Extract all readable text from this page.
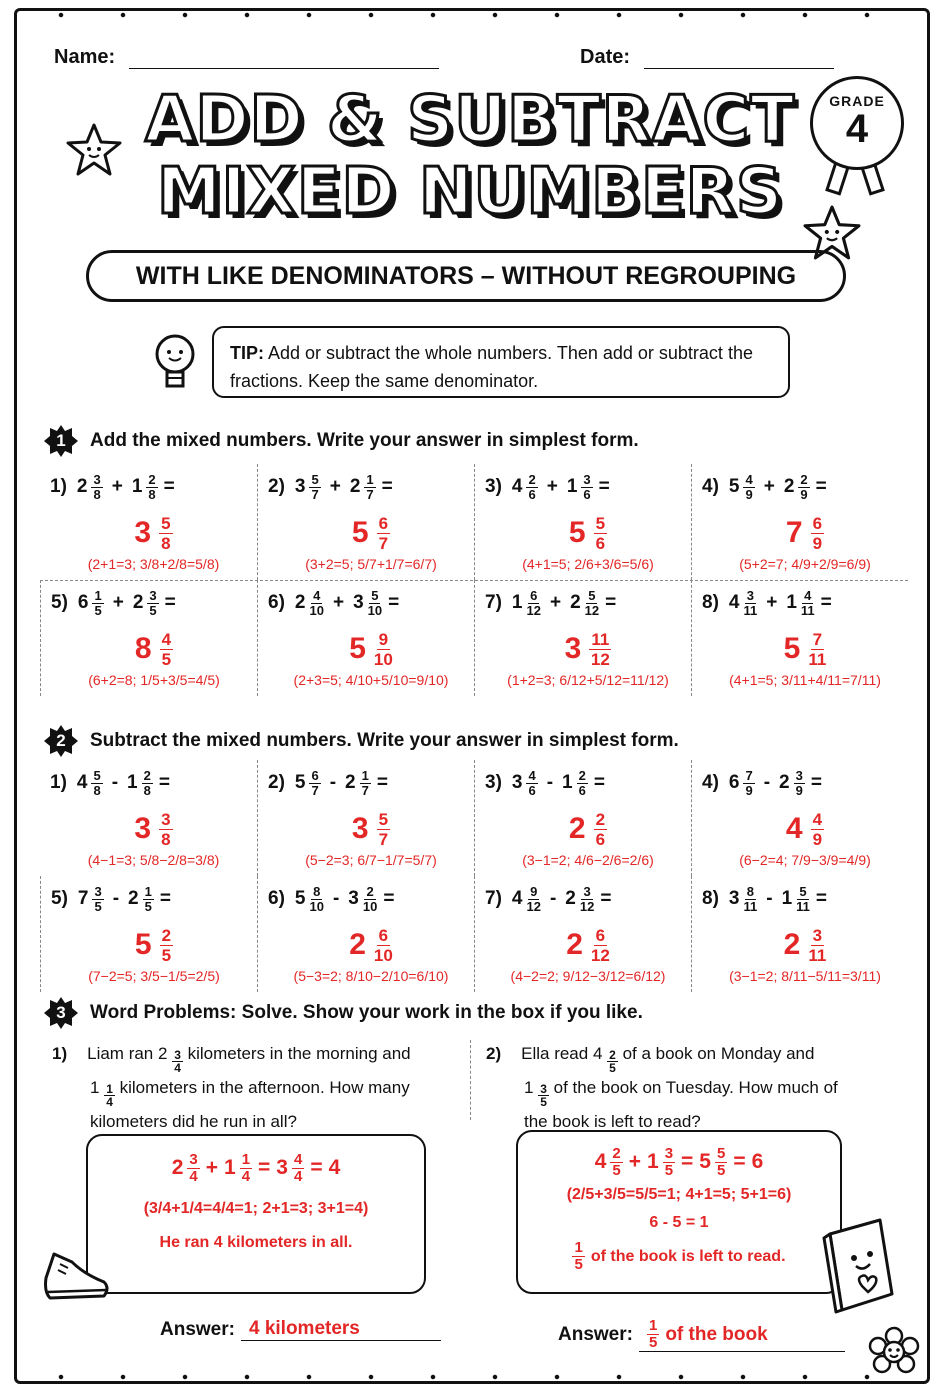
Name:	Date:
ADD & SUBTRACT
MIXED NUMBERS
GRADE
4
WITH LIKE DENOMINATORS – WITHOUT REGROUPING
TIP: Add or subtract the whole numbers. Then add or subtract the fractions. Keep the same denominator.
1	Add the mixed numbers. Write your answer in simplest form.
1) $2 \frac{3}{8} + 1 \frac{2}{8}$ =
$3 \frac{5}{8}$
(2+1=3; 3/8+2/8=5/8)
2) $3 \frac{5}{7} + 2 \frac{1}{7}$ =
$5 \frac{6}{7}$
(3+2=5; 5/7+1/7=6/7)
3) $4 \frac{2}{6} + 1 \frac{3}{6}$ =
$5 \frac{5}{6}$
(4+1=5; 2/6+3/6=5/6)
4) $5 \frac{4}{9} + 2 \frac{2}{9}$ =
$7 \frac{6}{9}$
(5+2=7; 4/9+2/9=6/9)
5) $6 \frac{1}{5} + 2 \frac{3}{5}$ =
$8 \frac{4}{5}$
(6+2=8; 1/5+3/5=4/5)
6) $2 \frac{4}{10} + 3 \frac{5}{10}$ =
$5 \frac{9}{10}$
(2+3=5; 4/10+5/10=9/10)
7) $1 \frac{6}{12} + 2 \frac{5}{12}$ =
$3 \frac{11}{12}$
(1+2=3; 6/12+5/12=11/12)
8) $4 \frac{3}{11} + 1 \frac{4}{11}$ =
$5 \frac{7}{11}$
(4+1=5; 3/11+4/11=7/11)
2	Subtract the mixed numbers. Write your answer in simplest form.
1) $4 \frac{5}{8} - 1 \frac{2}{8}$ =
$3 \frac{3}{8}$
(4−1=3; 5/8−2/8=3/8)
2) $5 \frac{6}{7} - 2 \frac{1}{7}$ =
$3 \frac{5}{7}$
(5−2=3; 6/7−1/7=5/7)
3) $3 \frac{4}{6} - 1 \frac{2}{6}$ =
$2 \frac{2}{6}$
(3−1=2; 4/6−2/6=2/6)
4) $6 \frac{7}{9} - 2 \frac{3}{9}$ =
$4 \frac{4}{9}$
(6−2=4; 7/9−3/9=4/9)
5) $7 \frac{3}{5} - 2 \frac{1}{5}$ =
$5 \frac{2}{5}$
(7−2=5; 3/5−1/5=2/5)
6) $5 \frac{8}{10} - 3 \frac{2}{10}$ =
$2 \frac{6}{10}$
(5−3=2; 8/10−2/10=6/10)
7) $4 \frac{9}{12} - 2 \frac{3}{12}$ =
$2 \frac{6}{12}$
(4−2=2; 9/12−3/12=6/12)
8) $3 \frac{8}{11} - 1 \frac{5}{11}$ =
$2 \frac{3}{11}$
(3−1=2; 8/11−5/11=3/11)
3	Word Problems: Solve. Show your work in the box if you like.
1) Liam ran $2 \frac{3}{4}$ kilometers in the morning and
$1 \frac{1}{4}$ kilometers in the afternoon. How many
kilometers did he run in all?
$2 \frac{3}{4} + 1 \frac{1}{4} = 3 \frac{4}{4} = 4$
(3/4+1/4=4/4=1; 2+1=3; 3+1=4)
He ran 4 kilometers in all.
Answer: 4 kilometers
2) Ella read $4 \frac{2}{5}$ of a book on Monday and
$1 \frac{3}{5}$ of the book on Tuesday. How much of
the book is left to read?
$4 \frac{2}{5} + 1 \frac{3}{5} = 5 \frac{5}{5} = 6$
(2/5+3/5=5/5=1; 4+1=5; 5+1=6)
6 - 5 = 1
$\frac{1}{5}$ of the book is left to read.
Answer: $\frac{1}{5}$ of the book
